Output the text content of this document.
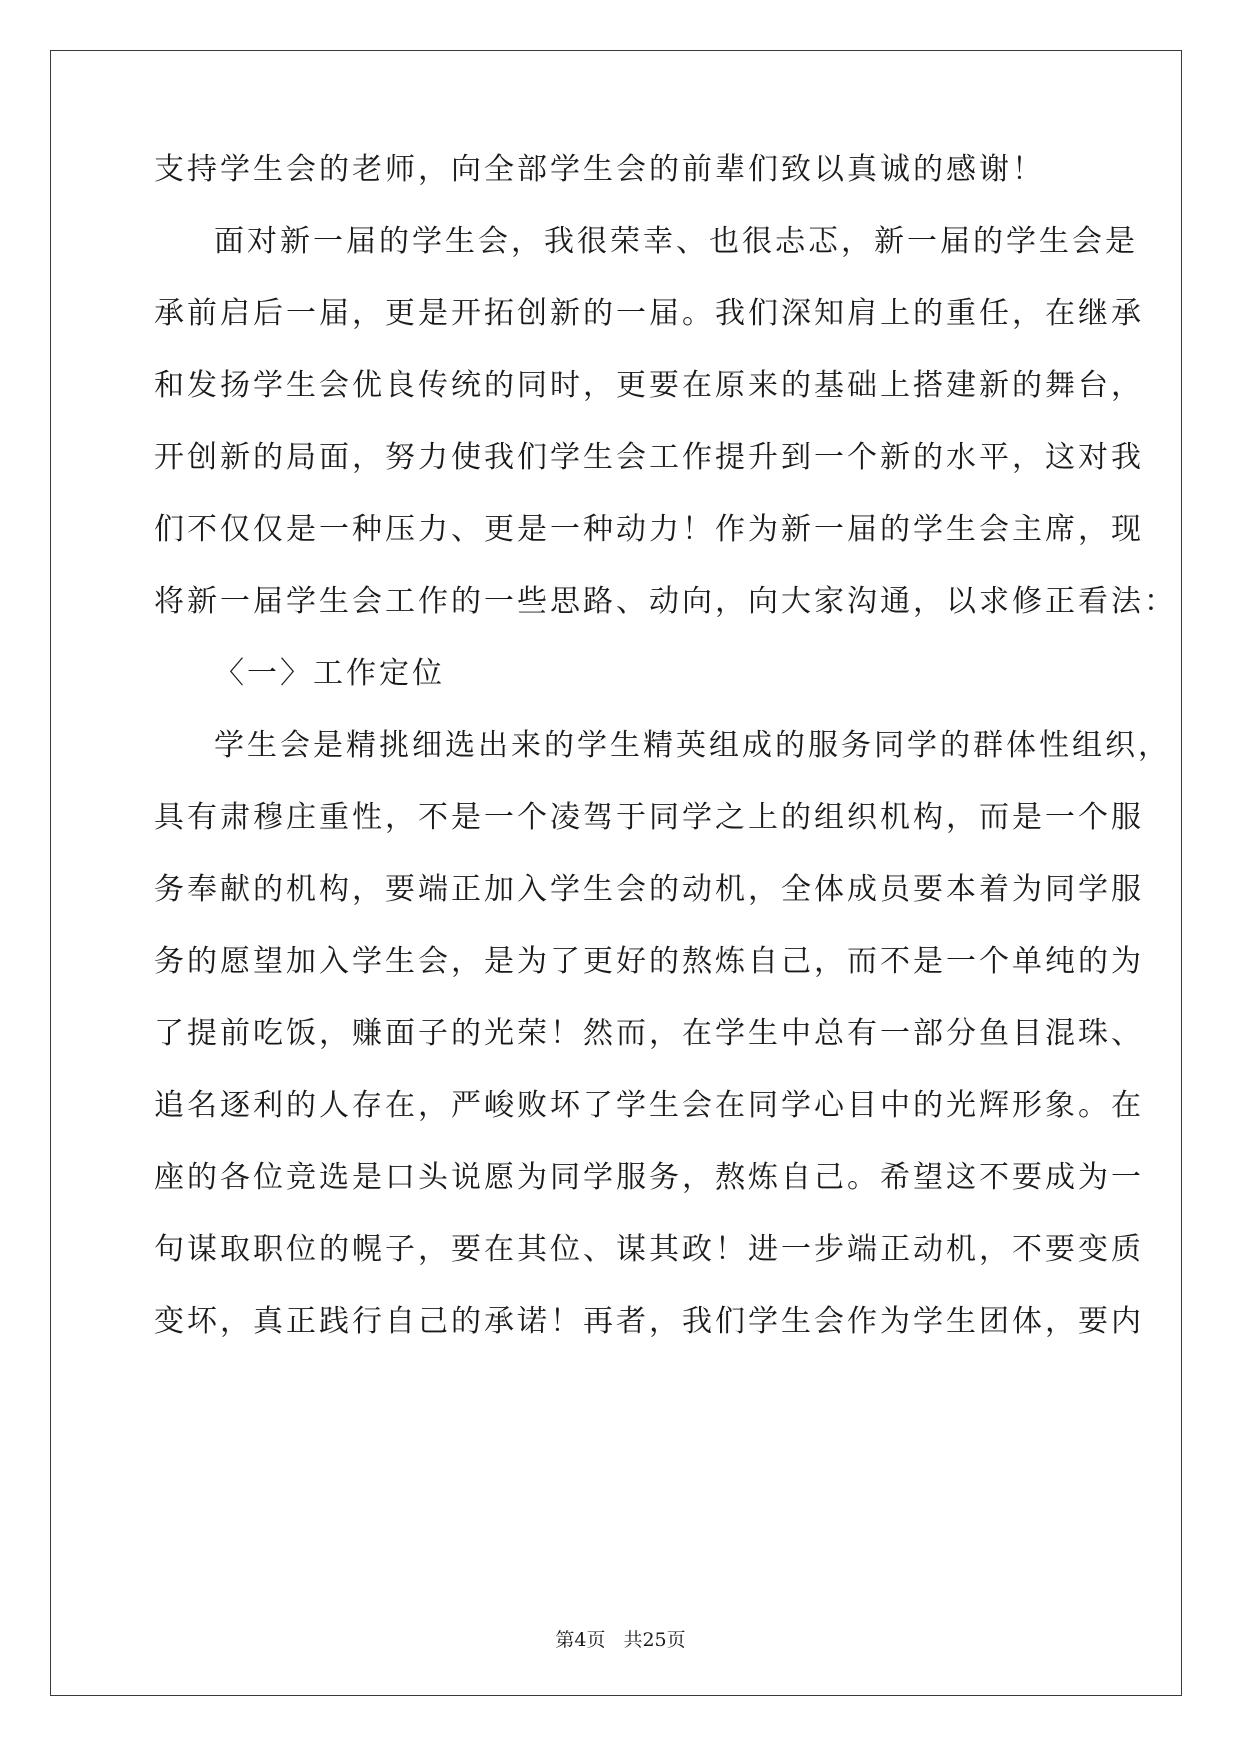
支持学生会的老师，向全部学生会的前辈们致以真诚的感谢！
面对新一届的学生会，我很荣幸、也很忐忑，新一届的学生会是
承前启后一届，更是开拓创新的一届。我们深知肩上的重任，在继承
和发扬学生会优良传统的同时，更要在原来的基础上搭建新的舞台，
开创新的局面，努力使我们学生会工作提升到一个新的水平，这对我
们不仅仅是一种压力、更是一种动力！作为新一届的学生会主席，现
将新一届学生会工作的一些思路、动向，向大家沟通，以求修正看法：
〈一〉工作定位
学生会是精挑细选出来的学生精英组成的服务同学的群体性组织，
具有肃穆庄重性，不是一个凌驾于同学之上的组织机构，而是一个服
务奉献的机构，要端正加入学生会的动机，全体成员要本着为同学服
务的愿望加入学生会，是为了更好的熬炼自己，而不是一个单纯的为
了提前吃饭，赚面子的光荣！然而，在学生中总有一部分鱼目混珠、
追名逐利的人存在，严峻败坏了学生会在同学心目中的光辉形象。在
座的各位竞选是口头说愿为同学服务，熬炼自己。希望这不要成为一
句谋取职位的幌子，要在其位、谋其政！进一步端正动机，不要变质
变坏，真正践行自己的承诺！再者，我们学生会作为学生团体，要内
第4页 共25页
